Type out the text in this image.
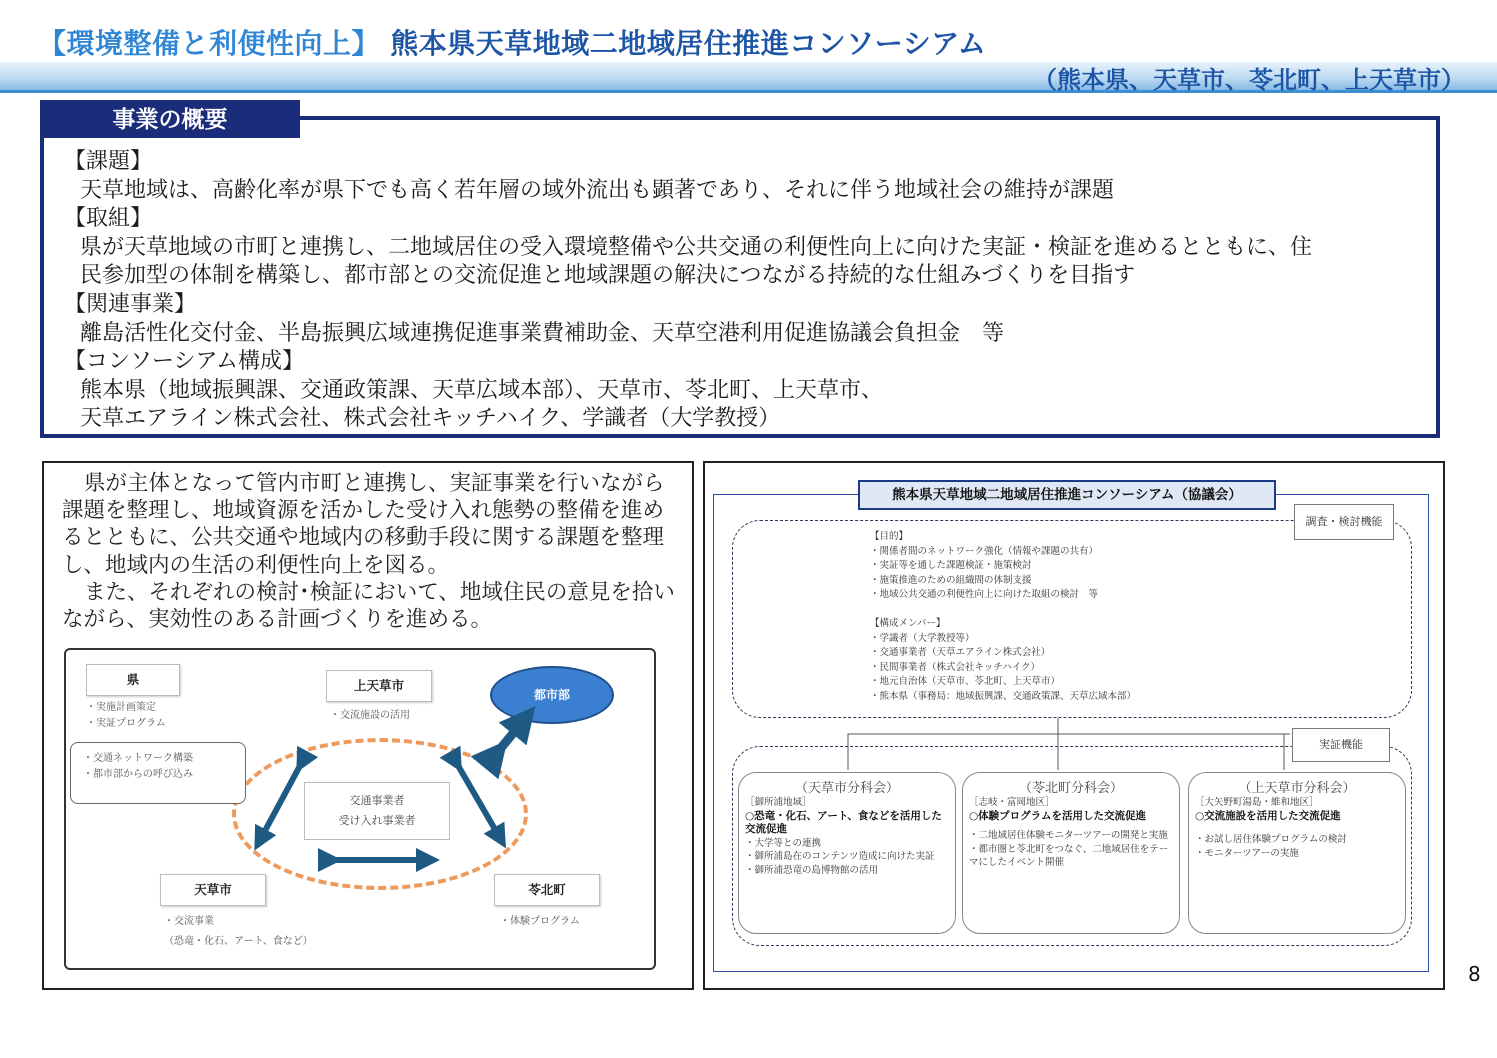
【環境整備と利便性向上】 熊本県天草地域二地域居住推進コンソーシアム
（熊本県、天草市、苓北町、上天草市）
事業の概要
【課題】
天草地域は、高齢化率が県下でも高く若年層の域外流出も顕著であり、それに伴う地域社会の維持が課題
【取組】
県が天草地域の市町と連携し、二地域居住の受入環境整備や公共交通の利便性向上に向けた実証・検証を進めるとともに、住
民参加型の体制を構築し、都市部との交流促進と地域課題の解決につながる持続的な仕組みづくりを目指す
【関連事業】
離島活性化交付金、半島振興広域連携促進事業費補助金、天草空港利用促進協議会負担金　等
【コンソーシアム構成】
熊本県（地域振興課、交通政策課、天草広域本部）、天草市、苓北町、上天草市、
天草エアライン株式会社、株式会社キッチハイク、学識者（大学教授）

県が主体となって管内市町と連携し、実証事業を行いながら課題を整理し、地域資源を活かした受け入れ態勢の整備を進めるとともに、公共交通や地域内の移動手段に関する課題を整理し、地域内の生活の利便性向上を図る。

また、それぞれの検討･検証において、地域住民の意見を拾いながら、実効性のある計画づくりを進める。

県
・実施計画策定
・実証プログラム
・交通ネットワーク構築
・都市部からの呼び込み
上天草市
・交流施設の活用
都市部
交通事業者
受け入れ事業者
天草市
・交流事業
（恐竜・化石、アート、食など）
苓北町
・体験プログラム
熊本県天草地域二地域居住推進コンソーシアム（協議会）
調査・検討機能
【目的】
・関係者間のネットワーク強化（情報や課題の共有）
・実証等を通した課題検証・施策検討
・施策推進のための組織間の体制支援
・地域公共交通の利便性向上に向けた取組の検討　等
【構成メンバー】
・学識者（大学教授等）
・交通事業者（天草エアライン株式会社）
・民間事業者（株式会社キッチハイク）
・地元自治体（天草市、苓北町、上天草市）
・熊本県（事務局：地域振興課、交通政策課、天草広域本部）
実証機能
（天草市分科会）
［御所浦地域］
○恐竜・化石、アート、食などを活用した交流促進
・大学等との連携
・御所浦島在のコンテンツ造成に向けた実証
・御所浦恐竜の島博物館の活用
（苓北町分科会）
［志岐・富岡地区］
○体験プログラムを活用した交流促進
・二地域居住体験モニターツアーの開発と実施
・都市圏と苓北町をつなぐ、二地域居住をテーマにしたイベント開催
（上天草市分科会）
［大矢野町湯島・維和地区］
○交流施設を活用した交流促進
・お試し居住体験プログラムの検討
・モニターツアーの実施
8
